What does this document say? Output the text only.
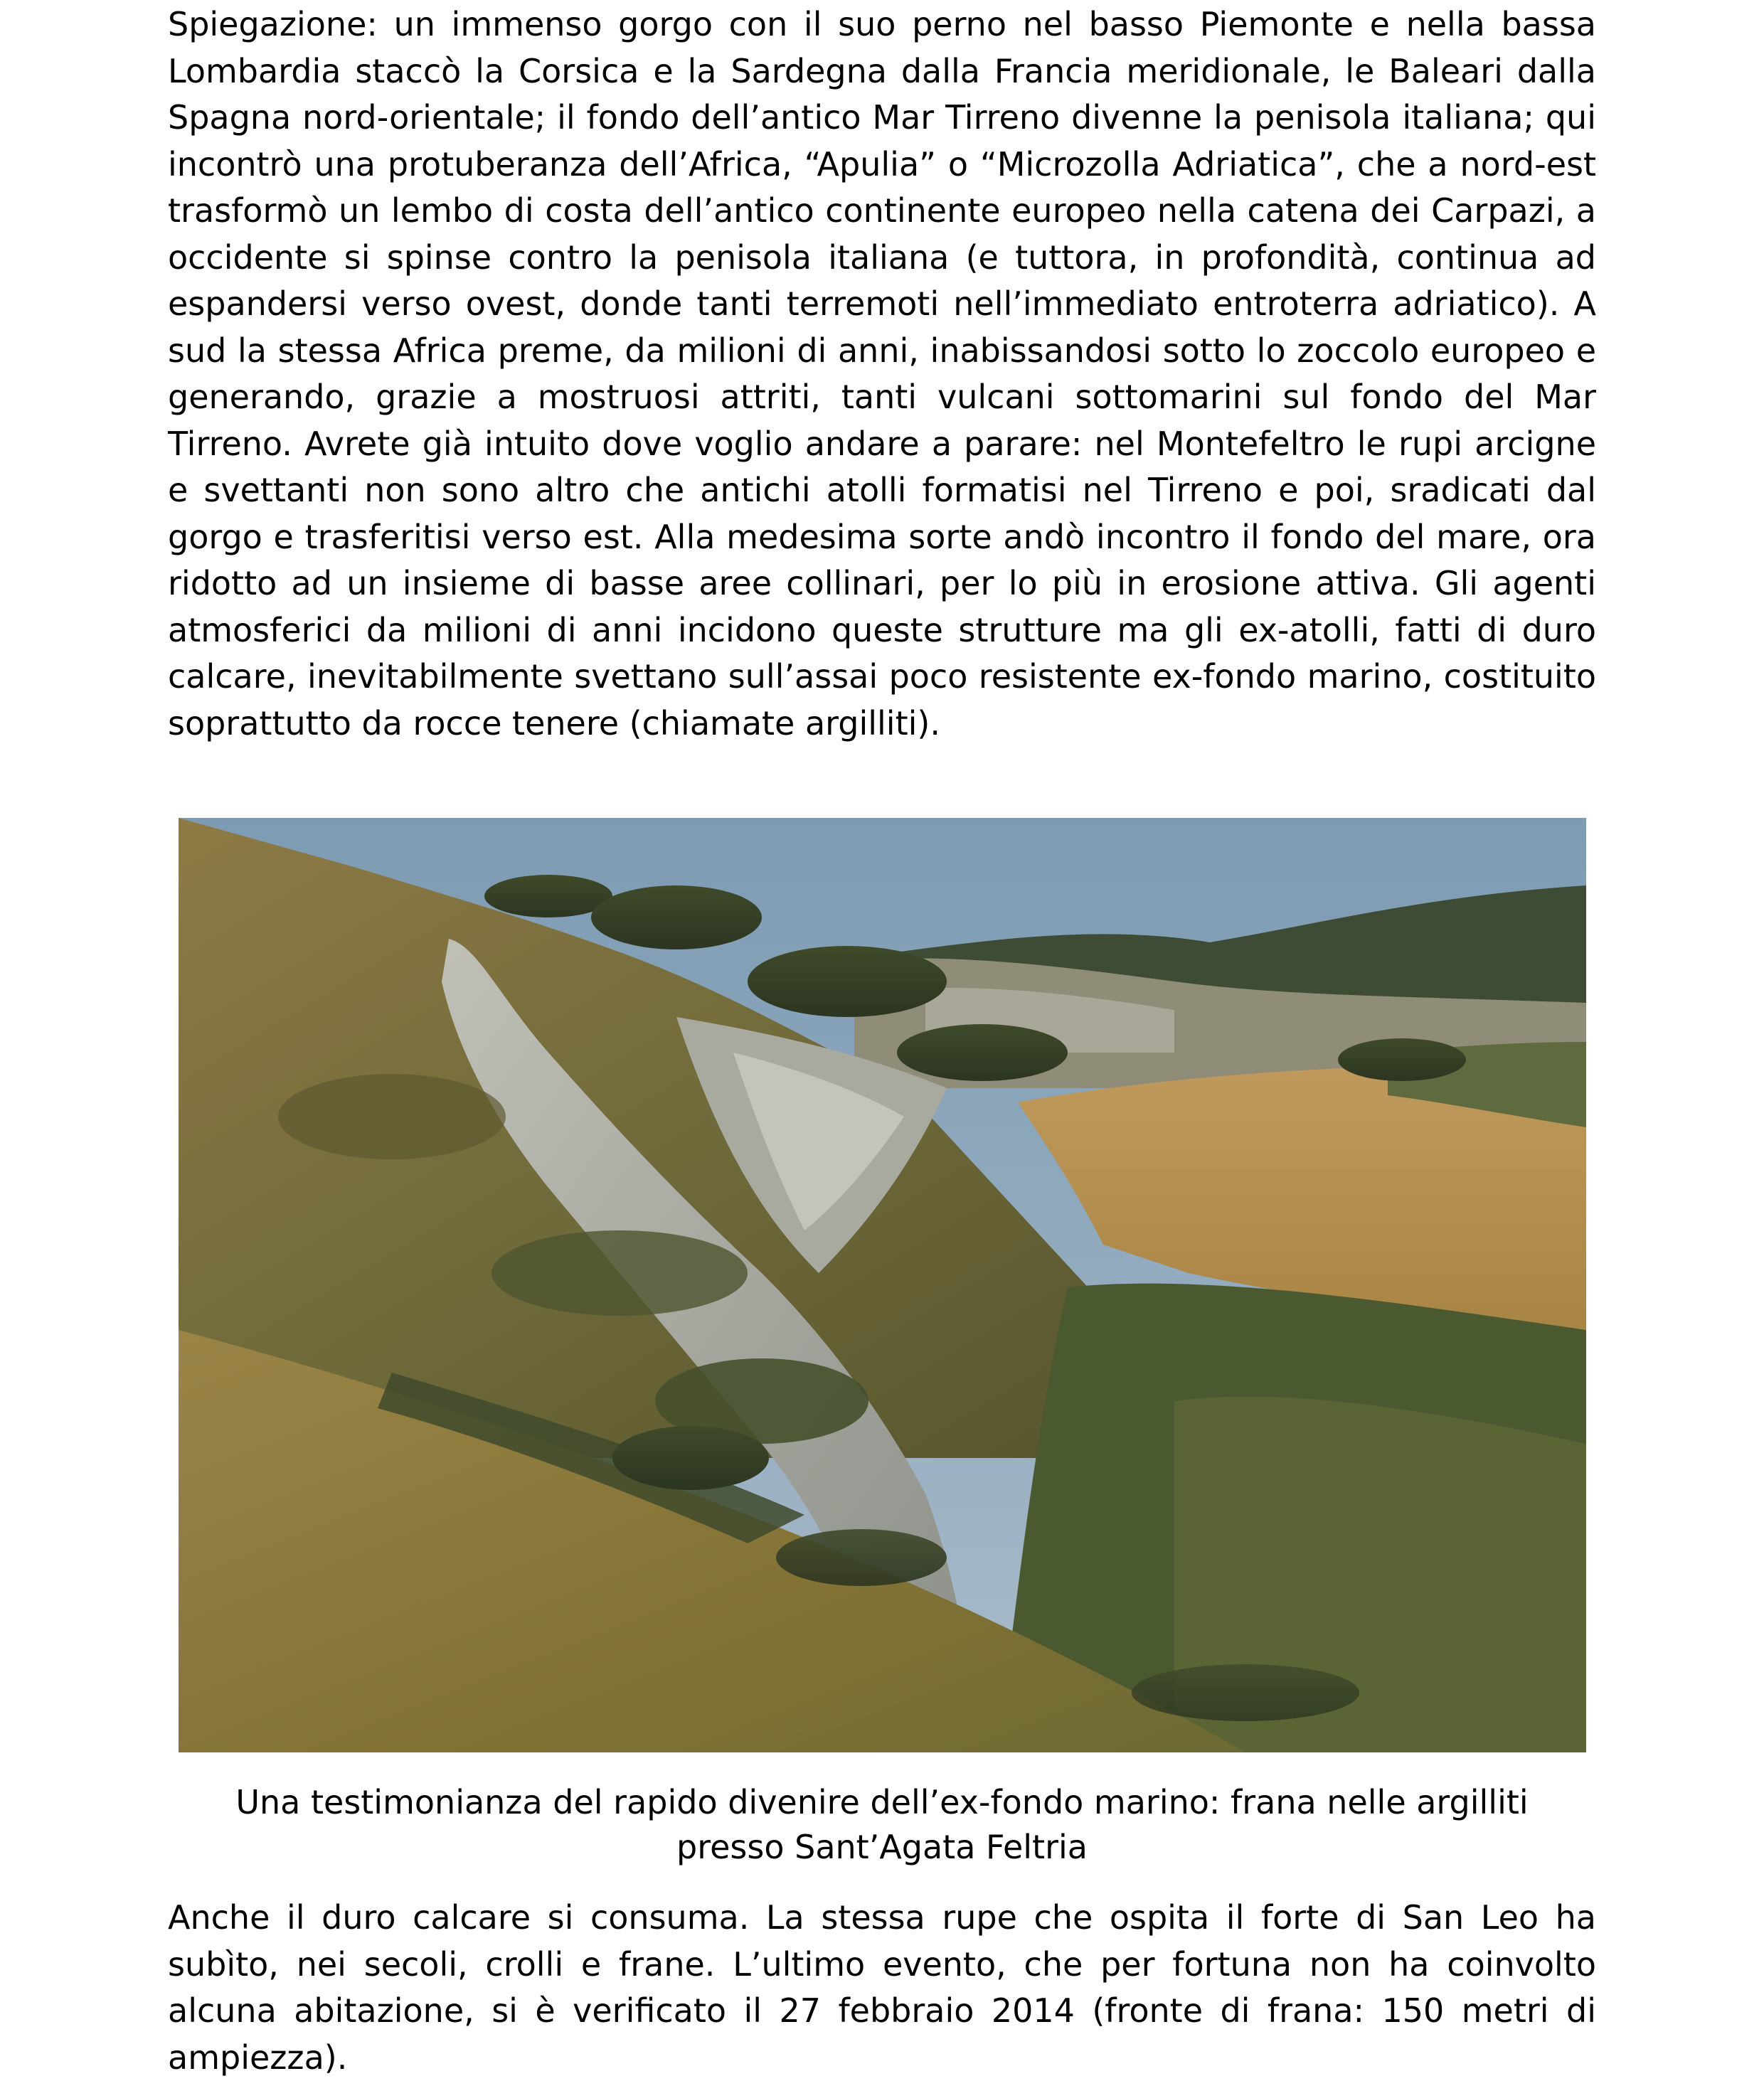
Spiegazione: un immenso gorgo con il suo perno nel basso Piemonte e nella bassa Lombardia staccò la Corsica e la Sardegna dalla Francia meridionale, le Baleari dalla Spagna nord-orientale; il fondo dell’antico Mar Tirreno divenne la penisola italiana; qui incontrò una protuberanza dell’Africa, “Apulia” o “Microzolla Adriatica”, che a nord-est trasformò un lembo di costa dell’antico continente europeo nella catena dei Carpazi, a occidente si spinse contro la penisola italiana (e tuttora, in profondità, continua ad espandersi verso ovest, donde tanti terremoti nell’immediato entroterra adriatico). A sud la stessa Africa preme, da milioni di anni, inabissandosi sotto lo zoccolo europeo e generando, grazie a mostruosi attriti, tanti vulcani sottomarini sul fondo del Mar Tirreno. Avrete già intuito dove voglio andare a parare: nel Montefeltro le rupi arcigne e svettanti non sono altro che antichi atolli formatisi nel Tirreno e poi, sradicati dal gorgo e trasferitisi verso est. Alla medesima sorte andò incontro il fondo del mare, ora ridotto ad un insieme di basse aree collinari, per lo più in erosione attiva. Gli agenti atmosferici da milioni di anni incidono queste strutture ma gli ex-atolli, fatti di duro calcare, inevitabilmente svettano sull’assai poco resistente ex-fondo marino, costituito soprattutto da rocce tenere (chiamate argilliti).

Una testimonianza del rapido divenire dell’ex-fondo marino: frana nelle argilliti
presso Sant’Agata Feltria

Anche il duro calcare si consuma. La stessa rupe che ospita il forte di San Leo ha subìto, nei secoli, crolli e frane. L’ultimo evento, che per fortuna non ha coinvolto alcuna abitazione, si è verificato il 27 febbraio 2014 (fronte di frana: 150 metri di ampiezza).
